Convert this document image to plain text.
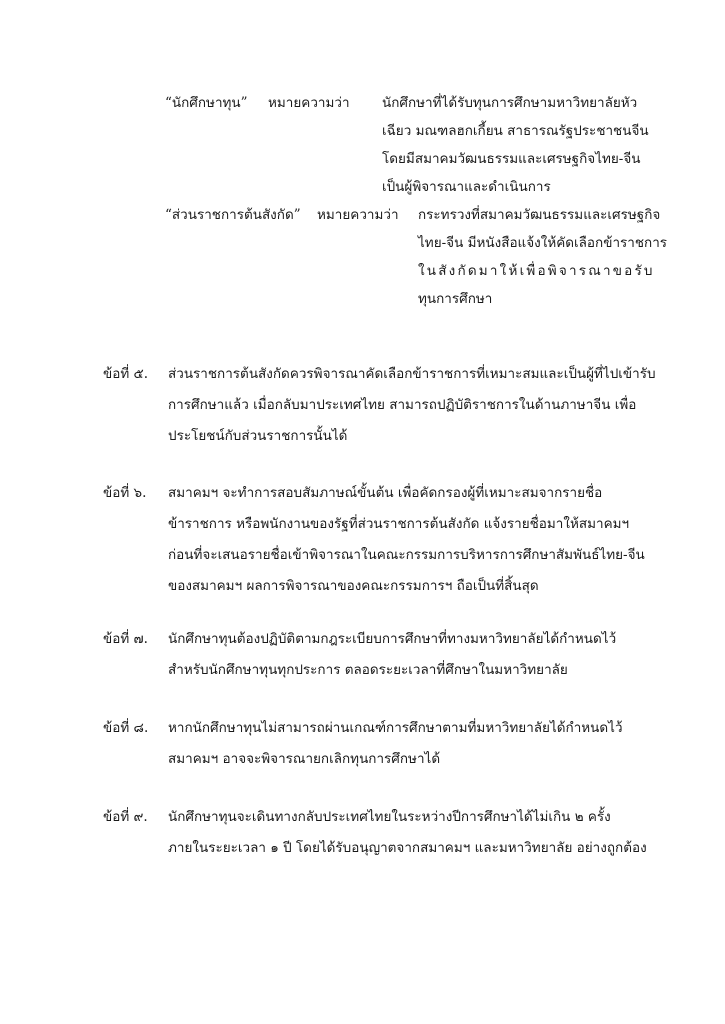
“นักศึกษาทุน” หมายความว่า นักศึกษาที่ได้รับทุนการศึกษามหาวิทยาลัยหัว
เฉียว มณฑลฮกเกี้ยน สาธารณรัฐประชาชนจีน
โดยมีสมาคมวัฒนธรรมและเศรษฐกิจไทย-จีน
เป็นผู้พิจารณาและดำเนินการ
“ส่วนราชการต้นสังกัด” หมายความว่า กระทรวงที่สมาคมวัฒนธรรมและเศรษฐกิจ
ไทย-จีน มีหนังสือแจ้งให้คัดเลือกข้าราชการ
ในสังกัดมาให้เพื่อพิจารณาขอรับ
ทุนการศึกษา
ข้อที่ ๕. ส่วนราชการต้นสังกัดควรพิจารณาคัดเลือกข้าราชการที่เหมาะสมและเป็นผู้ที่ไปเข้ารับ
การศึกษาแล้ว เมื่อกลับมาประเทศไทย สามารถปฏิบัติราชการในด้านภาษาจีน เพื่อ
ประโยชน์กับส่วนราชการนั้นได้
ข้อที่ ๖. สมาคมฯ จะทำการสอบสัมภาษณ์ขั้นต้น เพื่อคัดกรองผู้ที่เหมาะสมจากรายชื่อ
ข้าราชการ หรือพนักงานของรัฐที่ส่วนราชการต้นสังกัด แจ้งรายชื่อมาให้สมาคมฯ
ก่อนที่จะเสนอรายชื่อเข้าพิจารณาในคณะกรรมการบริหารการศึกษาสัมพันธ์ไทย-จีน
ของสมาคมฯ ผลการพิจารณาของคณะกรรมการฯ ถือเป็นที่สิ้นสุด
ข้อที่ ๗. นักศึกษาทุนต้องปฏิบัติตามกฎระเบียบการศึกษาที่ทางมหาวิทยาลัยได้กำหนดไว้
สำหรับนักศึกษาทุนทุกประการ ตลอดระยะเวลาที่ศึกษาในมหาวิทยาลัย
ข้อที่ ๘. หากนักศึกษาทุนไม่สามารถผ่านเกณฑ์การศึกษาตามที่มหาวิทยาลัยได้กำหนดไว้
สมาคมฯ อาจจะพิจารณายกเลิกทุนการศึกษาได้
ข้อที่ ๙. นักศึกษาทุนจะเดินทางกลับประเทศไทยในระหว่างปีการศึกษาได้ไม่เกิน ๒ ครั้ง
ภายในระยะเวลา ๑ ปี โดยได้รับอนุญาตจากสมาคมฯ และมหาวิทยาลัย อย่างถูกต้อง
